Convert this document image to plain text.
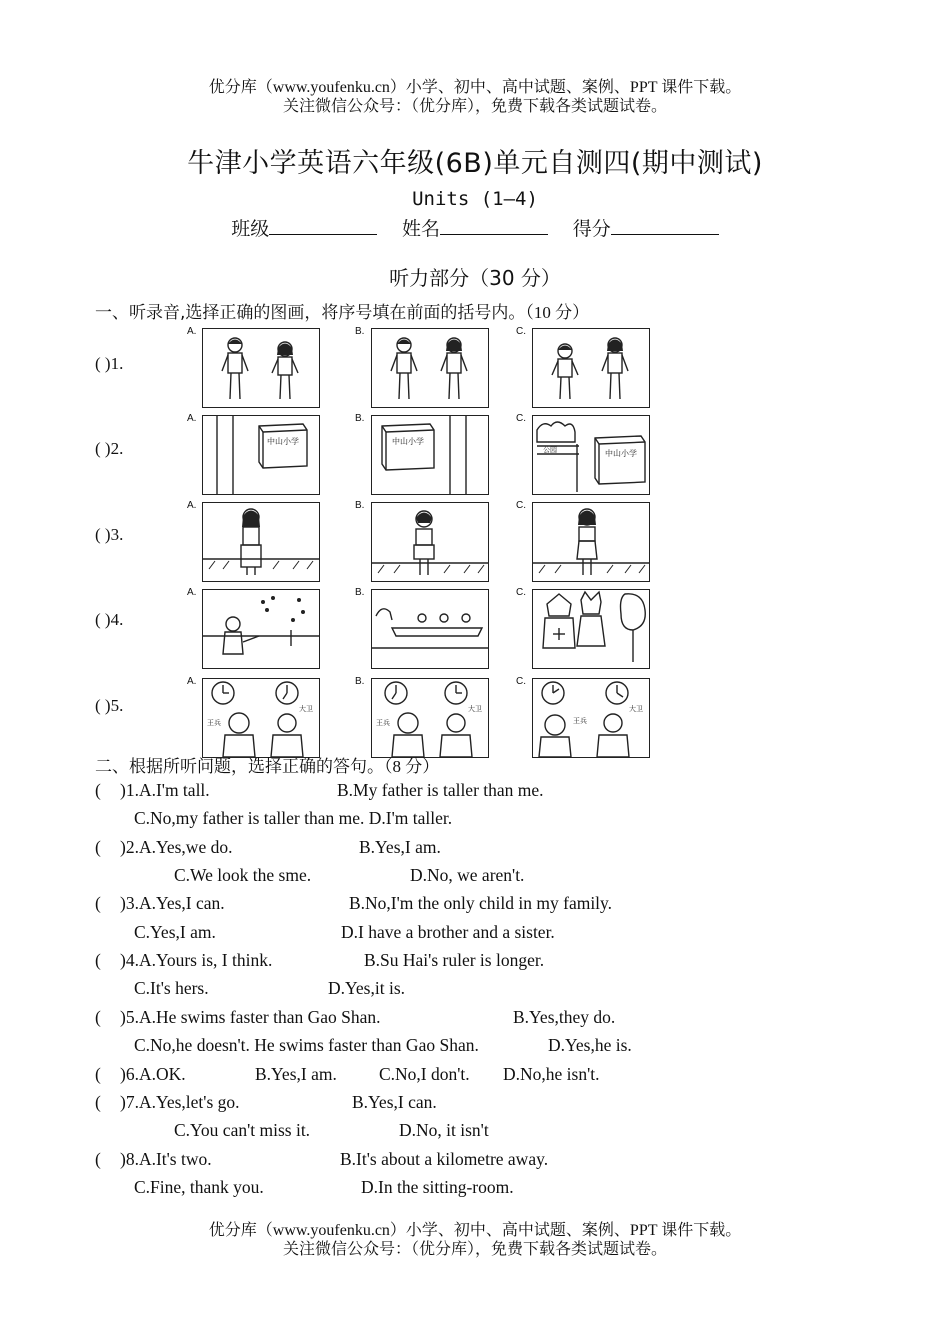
优分库（www.youfenku.cn）小学、初中、高中试题、案例、PPT 课件下载。
关注微信公众号：（优分库），免费下载各类试题试卷。
牛津小学英语六年级(6B)单元自测四(期中测试)
Units (1—4)
班级	姓名	得分
听力部分（30 分）
一、听录音,选择正确的图画，将序号填在前面的括号内。（10 分）
( )1.
( )2.
( )3.
( )4.
( )5.
A.	B.	C.
A.	B.	C.
A.	B.	C.
A.	B.	C.
A.	B.	C.
中山小学	中山小学
公园	中山小学
王兵
大卫
王兵
大卫
王兵
大卫
二、根据所听问题，选择正确的答句。（8 分）
( )1.A.I'm tall.	B.My father is taller than me.
C.No,my father is taller than me. D.I'm taller.
( )2.A.Yes,we do.	B.Yes,I am.
C.We look the sme.	D.No, we aren't.
( )3.A.Yes,I can.	B.No,I'm the only child in my family.
C.Yes,I am.	D.I have a brother and a sister.
( )4.A.Yours is, I think.	B.Su Hai's ruler is longer.
C.It's hers.	D.Yes,it is.
( )5.A.He swims faster than Gao Shan.	B.Yes,they do.
C.No,he doesn't. He swims faster than Gao Shan.	D.Yes,he is.
( )6.A.OK.	B.Yes,I am. C.No,I don't. D.No,he isn't.
( )7.A.Yes,let's go.	B.Yes,I can.
C.You can't miss it.	D.No, it isn't
( )8.A.It's two.	B.It's about a kilometre away.
C.Fine, thank you.	D.In the sitting-room.
优分库（www.youfenku.cn）小学、初中、高中试题、案例、PPT 课件下载。
关注微信公众号：（优分库），免费下载各类试题试卷。
